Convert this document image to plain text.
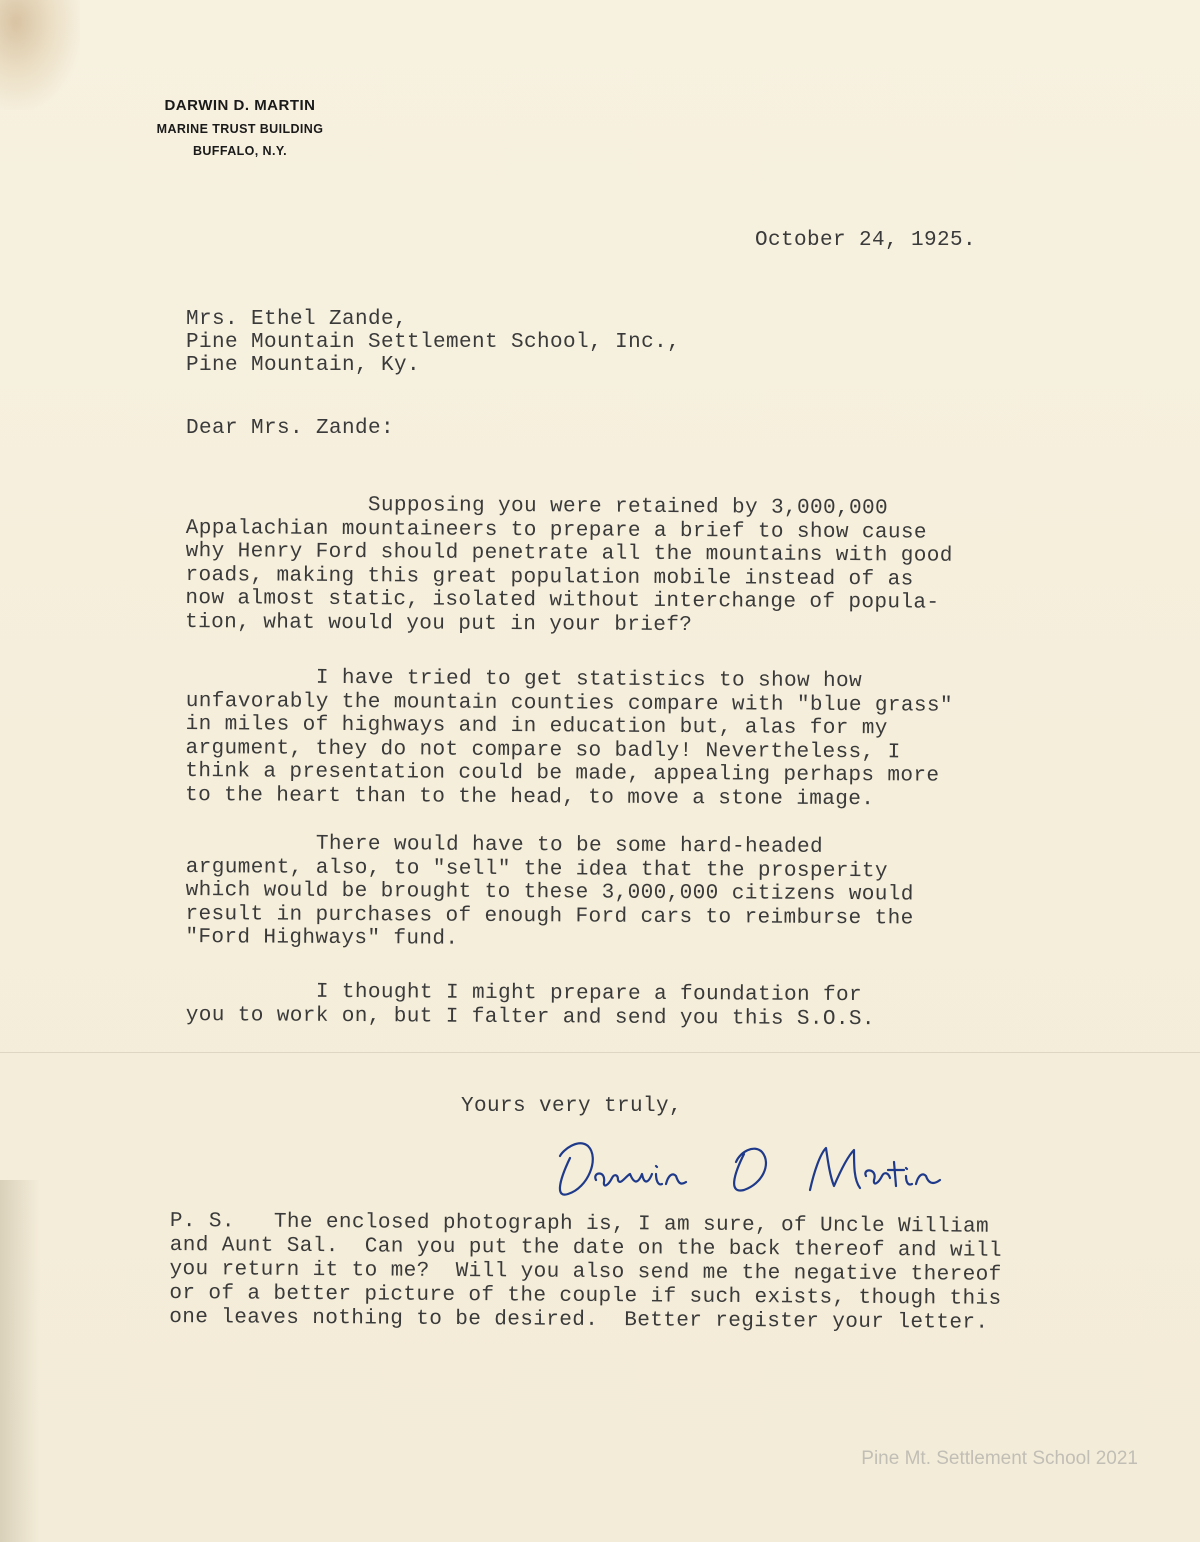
DARWIN D. MARTIN
MARINE TRUST BUILDING
BUFFALO, N.Y.
October 24, 1925.
Mrs. Ethel Zande,
Pine Mountain Settlement School, Inc.,
Pine Mountain, Ky.
Dear Mrs. Zande:
Supposing you were retained by 3,000,000
Appalachian mountaineers to prepare a brief to show cause
why Henry Ford should penetrate all the mountains with good
roads, making this great population mobile instead of as
now almost static, isolated without interchange of popula-
tion, what would you put in your brief?
I have tried to get statistics to show how
unfavorably the mountain counties compare with "blue grass"
in miles of highways and in education but, alas for my
argument, they do not compare so badly! Nevertheless, I
think a presentation could be made, appealing perhaps more
to the heart than to the head, to move a stone image.
There would have to be some hard-headed
argument, also, to "sell" the idea that the prosperity
which would be brought to these 3,000,000 citizens would
result in purchases of enough Ford cars to reimburse the
"Ford Highways" fund.
I thought I might prepare a foundation for
you to work on, but I falter and send you this S.O.S.
Yours very truly,
P. S.   The enclosed photograph is, I am sure, of Uncle William
and Aunt Sal.  Can you put the date on the back thereof and will
you return it to me?  Will you also send me the negative thereof
or of a better picture of the couple if such exists, though this
one leaves nothing to be desired.  Better register your letter.
Pine Mt. Settlement School 2021
